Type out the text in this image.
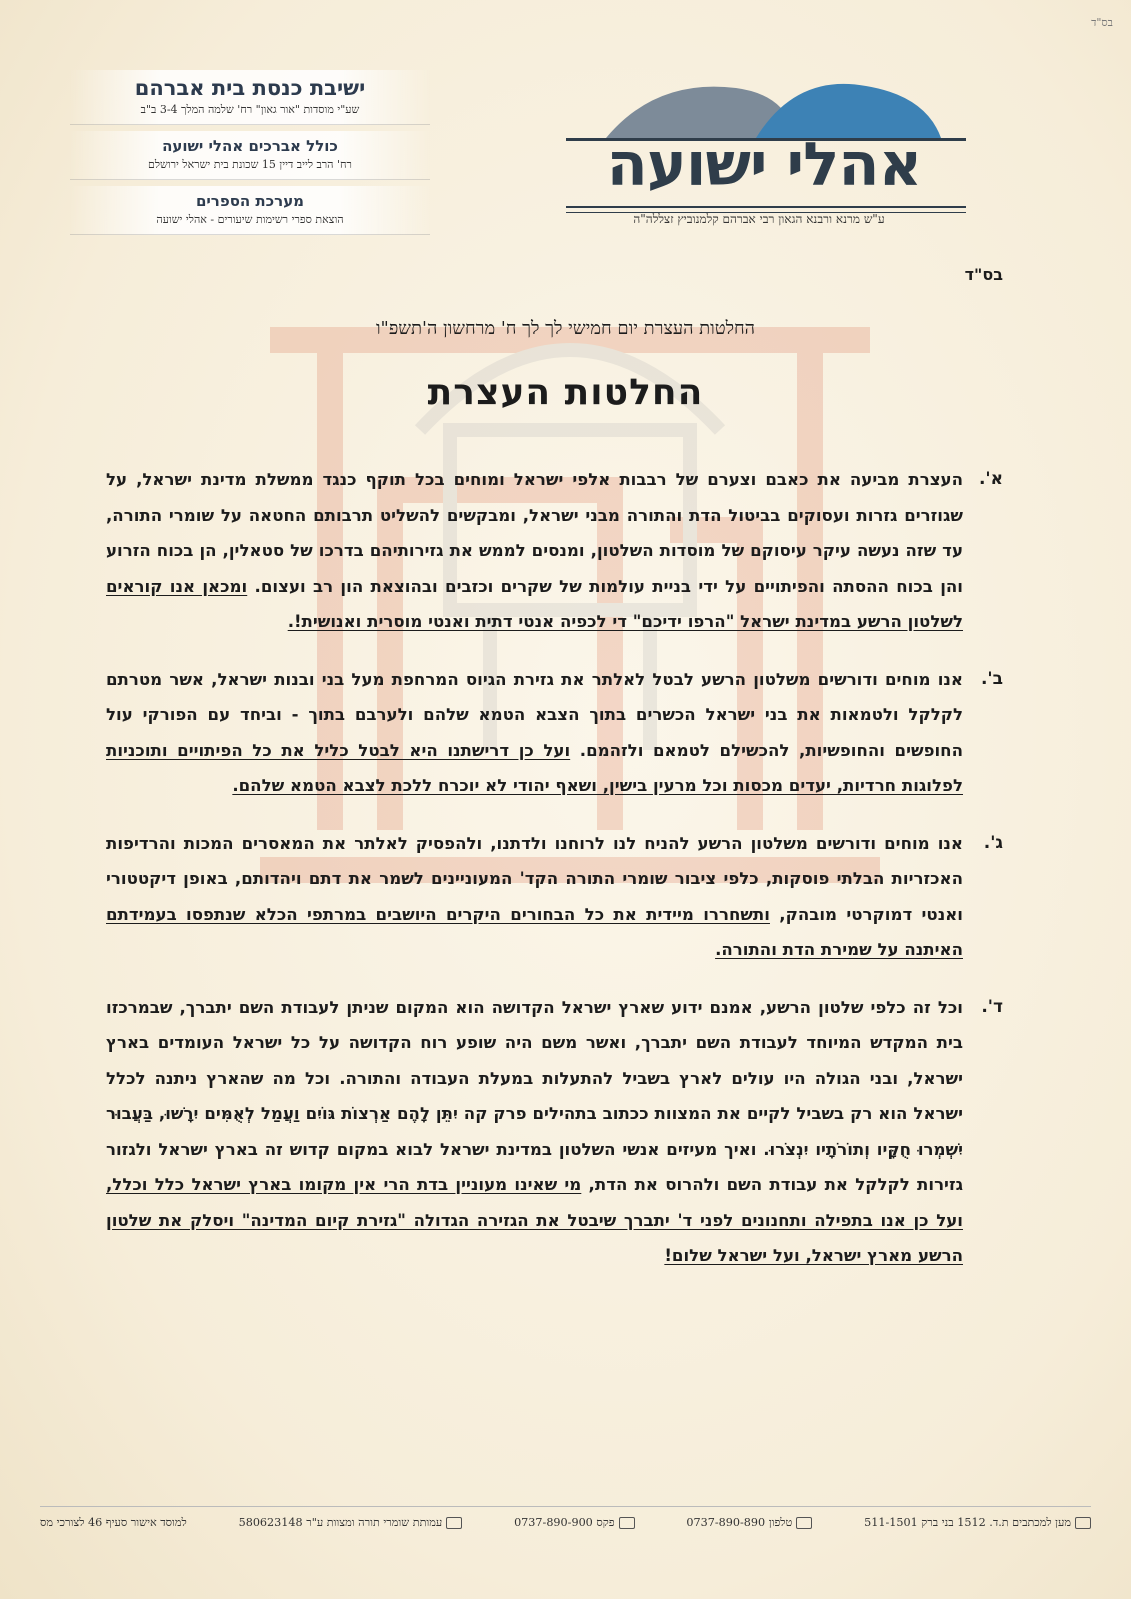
בס"ד
אהלי ישועה
ע"ש מרנא ורבנא הגאון רבי אברהם קלמנוביץ זצללה"ה
ישיבת כנסת בית אברהם
שע"י מוסדות "אור גאון" רח' שלמה המלך 3-4 ב"ב
כולל אברכים אהלי ישועה
רח' הרב לייב דיין 15 שכונת בית ישראל ירושלם
מערכת הספרים
הוצאת ספרי רשימות שיעורים - אהלי ישועה
בס"ד
החלטות העצרת יום חמישי לך לך ח' מרחשון ה'תשפ"ו
החלטות העצרת
א'.
העצרת מביעה את כאבם וצערם של רבבות אלפי ישראל ומוחים בכל תוקף כנגד ממשלת מדינת ישראל, על שגוזרים גזרות ועסוקים בביטול הדת והתורה מבני ישראל, ומבקשים להשליט תרבותם החטאה על שומרי התורה, עד שזה נעשה עיקר עיסוקם של מוסדות השלטון, ומנסים לממש את גזירותיהם בדרכו של סטאלין, הן בכוח הזרוע והן בכוח ההסתה והפיתויים על ידי בניית עולמות של שקרים וכזבים ובהוצאת הון רב ועצום. ומכאן אנו קוראים לשלטון הרשע במדינת ישראל "הרפו ידיכם" די לכפיה אנטי דתית ואנטי מוסרית ואנושית!.
ב'.
אנו מוחים ודורשים משלטון הרשע לבטל לאלתר את גזירת הגיוס המרחפת מעל בני ובנות ישראל, אשר מטרתם לקלקל ולטמאות את בני ישראל הכשרים בתוך הצבא הטמא שלהם ולערבם בתוך - וביחד עם הפורקי עול החופשים והחופשיות, להכשילם לטמאם ולזהמם. ועל כן דרישתנו היא לבטל כליל את כל הפיתויים ותוכניות לפלוגות חרדיות, יעדים מכסות וכל מרעין בישין, ושאף יהודי לא יוכרח ללכת לצבא הטמא שלהם.
ג'.
אנו מוחים ודורשים משלטון הרשע להניח לנו לרוחנו ולדתנו, ולהפסיק לאלתר את המאסרים המכות והרדיפות האכזריות הבלתי פוסקות, כלפי ציבור שומרי התורה הקד' המעוניינים לשמר את דתם ויהדותם, באופן דיקטטורי ואנטי דמוקרטי מובהק, ותשחררו מיידית את כל הבחורים היקרים היושבים במרתפי הכלא שנתפסו בעמידתם האיתנה על שמירת הדת והתורה.
ד'.
וכל זה כלפי שלטון הרשע, אמנם ידוע שארץ ישראל הקדושה הוא המקום שניתן לעבודת השם יתברך, שבמרכזו בית המקדש המיוחד לעבודת השם יתברך, ואשר משם היה שופע רוח הקדושה על כל ישראל העומדים בארץ ישראל, ובני הגולה היו עולים לארץ בשביל להתעלות במעלת העבודה והתורה. וכל מה שהארץ ניתנה לכלל ישראל הוא רק בשביל לקיים את המצוות ככתוב בתהילים פרק קה יִתֵּן לָהֶם אַרְצוֹת גּוֹיִם וַעֲמַל לְאֻמִּים יִרָשׁוּ, בַּעֲבוּר יִשְׁמְרוּ חֻקָּיו וְתוֹרֹתָיו יִנְצֹרוּ. ואיך מעיזים אנשי השלטון במדינת ישראל לבוא במקום קדוש זה בארץ ישראל ולגזור גזירות לקלקל את עבודת השם ולהרוס את הדת, מי שאינו מעוניין בדת הרי אין מקומו בארץ ישראל כלל וכלל, ועל כן אנו בתפילה ותחנונים לפני ד' יתברך שיבטל את הגזירה הגדולה "גזירת קיום המדינה" ויסלק את שלטון הרשע מארץ ישראל, ועל ישראל שלום!
מען למכתבים ת.ד. 1512 בני ברק 511-1501
טלפון 0737-890-890
פקס 0737-890-900
עמותת שומרי תורה ומצוות ע"ר 580623148
למוסד אישור סעיף 46 לצורכי מס
